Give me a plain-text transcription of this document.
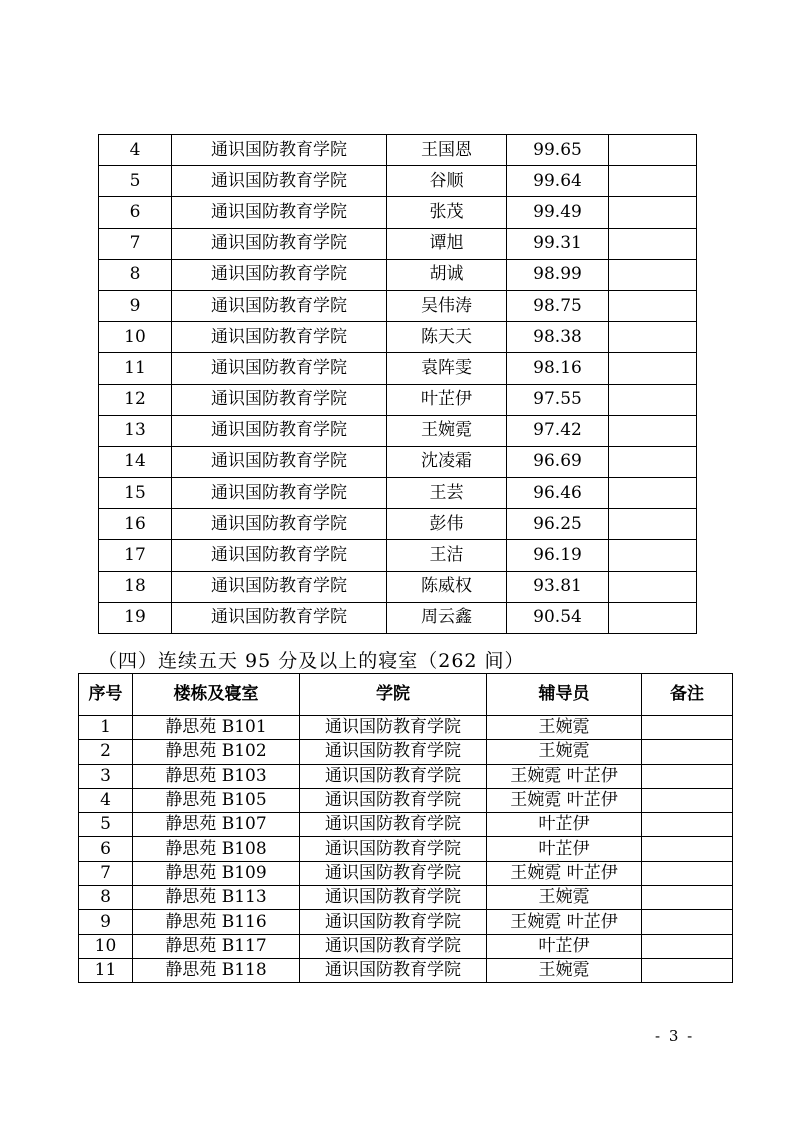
4	通识国防教育学院	王国恩	99.65	
5	通识国防教育学院	谷顺	99.64	
6	通识国防教育学院	张茂	99.49	
7	通识国防教育学院	谭旭	99.31	
8	通识国防教育学院	胡诚	98.99	
9	通识国防教育学院	吴伟涛	98.75	
10	通识国防教育学院	陈天天	98.38	
11	通识国防教育学院	袁阵雯	98.16	
12	通识国防教育学院	叶芷伊	97.55	
13	通识国防教育学院	王婉霓	97.42	
14	通识国防教育学院	沈凌霜	96.69	
15	通识国防教育学院	王芸	96.46	
16	通识国防教育学院	彭伟	96.25	
17	通识国防教育学院	王洁	96.19	
18	通识国防教育学院	陈威权	93.81	
19	通识国防教育学院	周云鑫	90.54	
（四）连续五天 95 分及以上的寝室（262 间）
序号	楼栋及寝室	学院	辅导员	备注
1	静思苑 B101	通识国防教育学院	王婉霓	
2	静思苑 B102	通识国防教育学院	王婉霓	
3	静思苑 B103	通识国防教育学院	王婉霓 叶芷伊	
4	静思苑 B105	通识国防教育学院	王婉霓 叶芷伊	
5	静思苑 B107	通识国防教育学院	叶芷伊	
6	静思苑 B108	通识国防教育学院	叶芷伊	
7	静思苑 B109	通识国防教育学院	王婉霓 叶芷伊	
8	静思苑 B113	通识国防教育学院	王婉霓	
9	静思苑 B116	通识国防教育学院	王婉霓 叶芷伊	
10	静思苑 B117	通识国防教育学院	叶芷伊	
11	静思苑 B118	通识国防教育学院	王婉霓	
- 3 -
